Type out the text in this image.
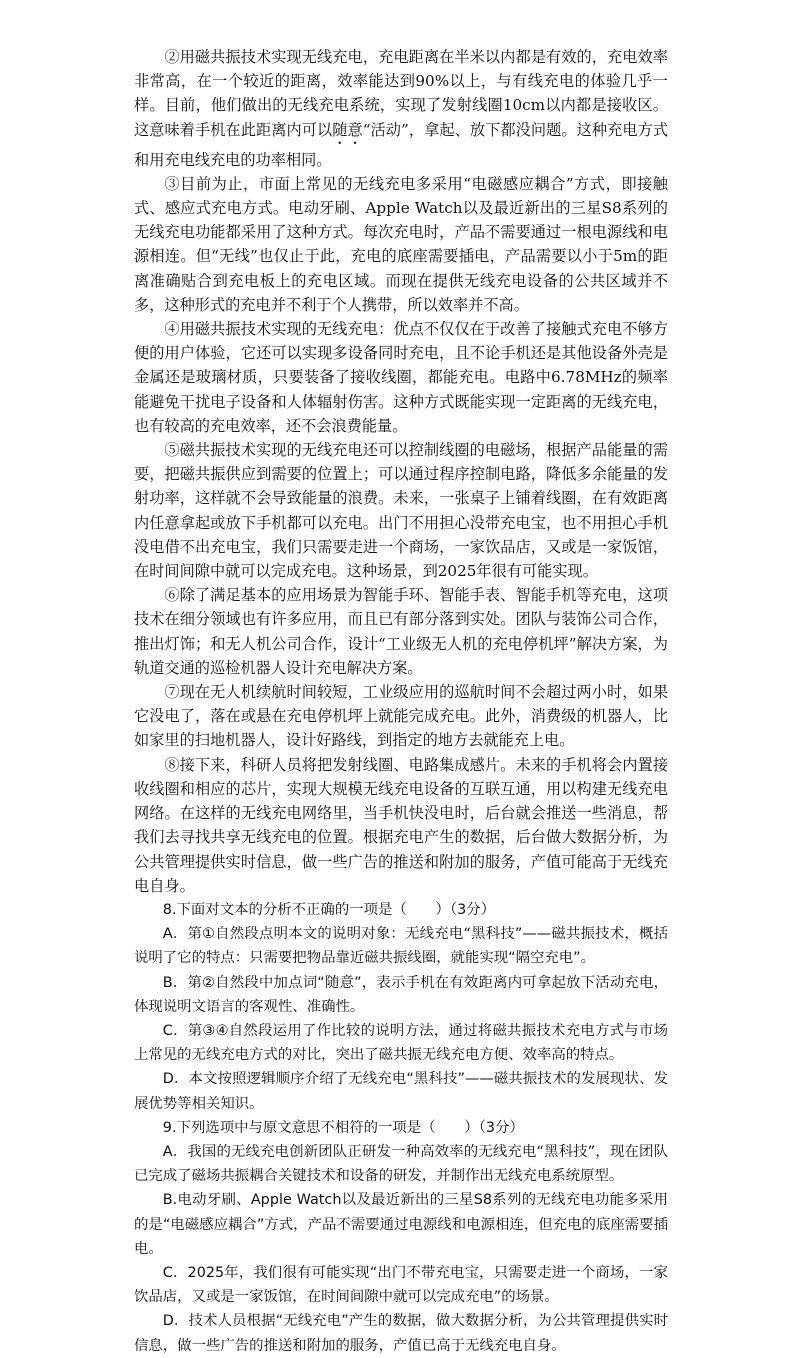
②用磁共振技术实现无线充电，充电距离在半米以内都是有效的，充电效率非常高，在一个较近的距离，效率能达到90%以上，与有线充电的体验几乎一样。目前，他们做出的无线充电系统，实现了发射线圈10cm以内都是接收区。这意味着手机在此距离内可以随意“活动”，拿起、放下都没问题。这种充电方式和用充电线充电的功率相同。

③目前为止，市面上常见的无线充电多采用“电磁感应耦合”方式，即接触式、感应式充电方式。电动牙刷、Apple Watch以及最近新出的三星S8系列的无线充电功能都采用了这种方式。每次充电时，产品不需要通过一根电源线和电源相连。但“无线”也仅止于此，充电的底座需要插电，产品需要以小于5m的距离准确贴合到充电板上的充电区域。而现在提供无线充电设备的公共区域并不多，这种形式的充电并不利于个人携带，所以效率并不高。

④用磁共振技术实现的无线充电：优点不仅仅在于改善了接触式充电不够方便的用户体验，它还可以实现多设备同时充电，且不论手机还是其他设备外壳是金属还是玻璃材质，只要装备了接收线圈，都能充电。电路中6.78MHz的频率能避免干扰电子设备和人体辐射伤害。这种方式既能实现一定距离的无线充电，也有较高的充电效率，还不会浪费能量。

⑤磁共振技术实现的无线充电还可以控制线圈的电磁场，根据产品能量的需要，把磁共振供应到需要的位置上；可以通过程序控制电路，降低多余能量的发射功率，这样就不会导致能量的浪费。未来，一张桌子上铺着线圈，在有效距离内任意拿起或放下手机都可以充电。出门不用担心没带充电宝，也不用担心手机没电借不出充电宝，我们只需要走进一个商场，一家饮品店，又或是一家饭馆，在时间间隙中就可以完成充电。这种场景，到2025年很有可能实现。

⑥除了满足基本的应用场景为智能手环、智能手表、智能手机等充电，这项技术在细分领域也有许多应用，而且已有部分落到实处。团队与装饰公司合作，推出灯饰；和无人机公司合作，设计“工业级无人机的充电停机坪”解决方案，为轨道交通的巡检机器人设计充电解决方案。

⑦现在无人机续航时间较短，工业级应用的巡航时间不会超过两小时，如果它没电了，落在或悬在充电停机坪上就能完成充电。此外，消费级的机器人，比如家里的扫地机器人，设计好路线，到指定的地方去就能充上电。

⑧接下来，科研人员将把发射线圈、电路集成感片。未来的手机将会内置接收线圈和相应的芯片，实现大规模无线充电设备的互联互通，用以构建无线充电网络。在这样的无线充电网络里，当手机快没电时，后台就会推送一些消息，帮我们去寻找共享无线充电的位置。根据充电产生的数据，后台做大数据分析，为公共管理提供实时信息，做一些广告的推送和附加的服务，产值可能高于无线充电自身。

8.下面对文本的分析不正确的一项是（　　）（3分）

A．第①自然段点明本文的说明对象：无线充电“黑科技”——磁共振技术，概括说明了它的特点：只需要把物品靠近磁共振线圈，就能实现“隔空充电”。

B．第②自然段中加点词“随意”，表示手机在有效距离内可拿起放下活动充电，体现说明文语言的客观性、准确性。

C．第③④自然段运用了作比较的说明方法，通过将磁共振技术充电方式与市场上常见的无线充电方式的对比，突出了磁共振无线充电方便、效率高的特点。

D．本文按照逻辑顺序介绍了无线充电“黑科技”——磁共振技术的发展现状、发展优势等相关知识。

9.下列选项中与原文意思不相符的一项是（　　）（3分）

A．我国的无线充电创新团队正研发一种高效率的无线充电“黑科技”，现在团队已完成了磁场共振耦合关键技术和设备的研发，并制作出无线充电系统原型。

B.电动牙刷、Apple Watch以及最近新出的三星S8系列的无线充电功能多采用的是“电磁感应耦合”方式，产品不需要通过电源线和电源相连，但充电的底座需要插电。

C．2025年，我们很有可能实现“出门不带充电宝，只需要走进一个商场，一家饮品店，又或是一家饭馆，在时间间隙中就可以完成充电”的场景。

D．技术人员根据“无线充电”产生的数据，做大数据分析，为公共管理提供实时信息，做一些广告的推送和附加的服务，产值已高于无线充电自身。
